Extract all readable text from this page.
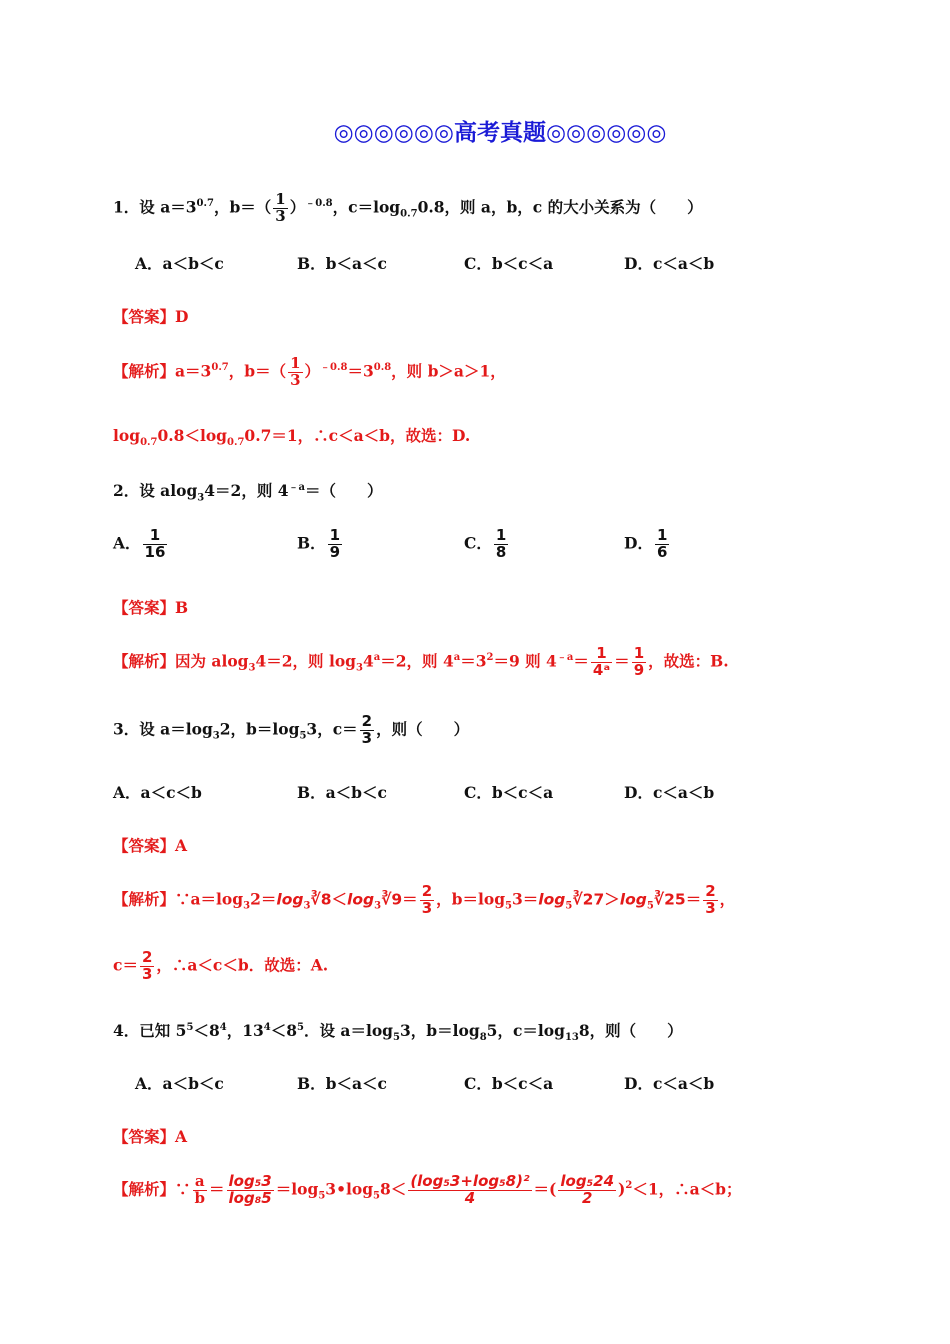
◎◎◎◎◎◎高考真题◎◎◎◎◎◎
1．设 $a=3^{0.7}$，$b=( \frac{1}{3} )^{﹣0.8}$，$c=\log_{0.7}0.8$，则 a，b，c 的大小关系为（　　）
A．a＜b＜c	B．b＜a＜c	C．b＜c＜a	D．c＜a＜b
【答案】D
【解析】$a=3^{0.7}$，$b=( \frac{1}{3} )^{﹣0.8}=3^{0.8}$，则 b＞a＞1，
$\log_{0.7}0.8<\log_{0.7}0.7=1$，∴c＜a＜b，故选：D.
2．设 alog$_3$4＝2，则 $4^{﹣a}=$（　　）
A． $\frac{1}{16}$	B． $\frac{1}{9}$	C． $\frac{1}{8}$	D． $\frac{1}{6}$
【答案】B
【解析】因为 alog$_3$4＝2，则 $\log_34^a=2$，则 $4^a=3^2=9$ 则 $4^{﹣a}= \frac{1}{\text{4ᵃ}} = \frac{1}{9}$ ，故选：B.
3．设 $a=\log_32$，$b=\log_53$，$c= \frac{2}{3}$ ，则（　　）
A．a＜c＜b	B．a＜b＜c	C．b＜c＜a	D．c＜a＜b
【答案】A
【解析】$\because a=\log_32=\log_3∛8<\log_3∛9= \frac{2}{3}$ ，$b=\log_53=\log_5∛27>\log_5∛25= \frac{2}{3}$ ，
$c= \frac{2}{3}$ ，∴a＜c＜b．故选：A.
4．已知 $5^5<8^4$，$13^4<8^5$．设 $a=\log_53$，$b=\log_85$，$c=\log_{13}8$，则（　　）
A．a＜b＜c	B．b＜a＜c	C．b＜c＜a	D．c＜a＜b
【答案】A
【解析】∵ $\frac{a}{b} = \frac{\text{log₅3}}{\text{log₈5}}$ $=\log_53•\log_58< \frac{\text{(log₅3+log₅8)²}}{4}$ ＝( $\frac{\text{log₅24}}{2} )^2<1$，∴a＜b；
